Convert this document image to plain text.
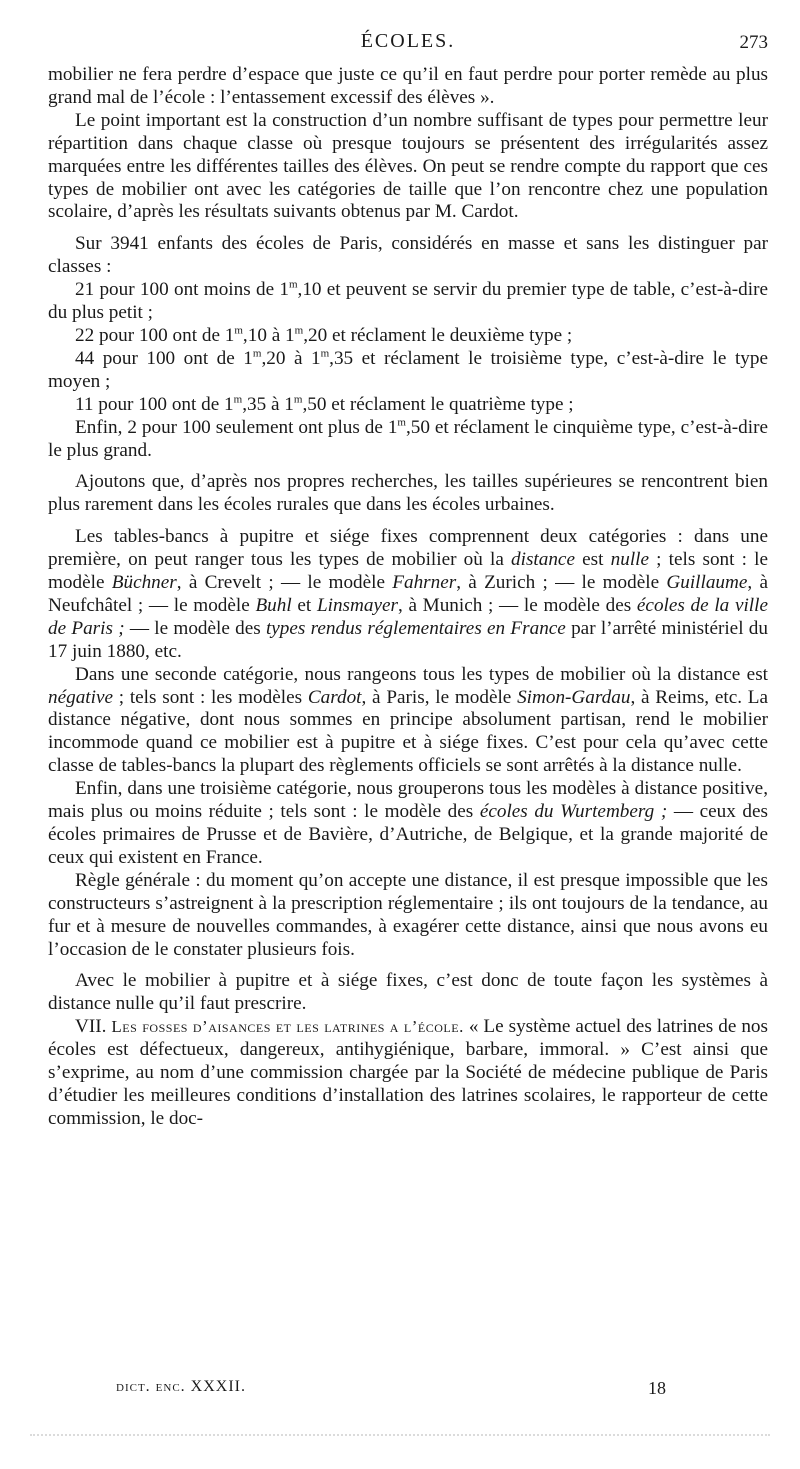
ÉCOLES.	273

mobilier ne fera perdre d’espace que juste ce qu’il en faut perdre pour porter remède au plus grand mal de l’école : l’entassement excessif des élèves ».

Le point important est la construction d’un nombre suffisant de types pour permettre leur répartition dans chaque classe où presque toujours se présentent des irrégularités assez marquées entre les différentes tailles des élèves. On peut se rendre compte du rapport que ces types de mobilier ont avec les catégories de taille que l’on rencontre chez une population scolaire, d’après les résultats suivants obtenus par M. Cardot.

Sur 3941 enfants des écoles de Paris, considérés en masse et sans les distinguer par classes :

21 pour 100 ont moins de 1$^m$,10 et peuvent se servir du premier type de table, c’est-à-dire du plus petit ;

22 pour 100 ont de 1$^m$,10 à 1$^m$,20 et réclament le deuxième type ;

44 pour 100 ont de 1$^m$,20 à 1$^m$,35 et réclament le troisième type, c’est-à-dire le type moyen ;

11 pour 100 ont de 1$^m$,35 à 1$^m$,50 et réclament le quatrième type ;

Enfin, 2 pour 100 seulement ont plus de 1$^m$,50 et réclament le cinquième type, c’est-à-dire le plus grand.

Ajoutons que, d’après nos propres recherches, les tailles supérieures se rencontrent bien plus rarement dans les écoles rurales que dans les écoles urbaines.

Les tables-bancs à pupitre et siége fixes comprennent deux catégories : dans une première, on peut ranger tous les types de mobilier où la distance est nulle ; tels sont : le modèle Büchner, à Crevelt ; — le modèle Fahrner, à Zurich ; — le modèle Guillaume, à Neufchâtel ; — le modèle Buhl et Linsmayer, à Munich ; — le modèle des écoles de la ville de Paris ; — le modèle des types rendus réglementaires en France par l’arrêté ministériel du 17 juin 1880, etc.

Dans une seconde catégorie, nous rangeons tous les types de mobilier où la distance est négative ; tels sont : les modèles Cardot, à Paris, le modèle Simon-Gardau, à Reims, etc. La distance négative, dont nous sommes en principe absolument partisan, rend le mobilier incommode quand ce mobilier est à pupitre et à siége fixes. C’est pour cela qu’avec cette classe de tables-bancs la plupart des règlements officiels se sont arrêtés à la distance nulle.

Enfin, dans une troisième catégorie, nous grouperons tous les modèles à distance positive, mais plus ou moins réduite ; tels sont : le modèle des écoles du Wurtemberg ; — ceux des écoles primaires de Prusse et de Bavière, d’Autriche, de Belgique, et la grande majorité de ceux qui existent en France.

Règle générale : du moment qu’on accepte une distance, il est presque impossible que les constructeurs s’astreignent à la prescription réglementaire ; ils ont toujours de la tendance, au fur et à mesure de nouvelles commandes, à exagérer cette distance, ainsi que nous avons eu l’occasion de le constater plusieurs fois.

Avec le mobilier à pupitre et à siége fixes, c’est donc de toute façon les systèmes à distance nulle qu’il faut prescrire.

VII. Les fosses d’aisances et les latrines a l’école. « Le système actuel des latrines de nos écoles est défectueux, dangereux, antihygiénique, barbare, immoral. » C’est ainsi que s’exprime, au nom d’une commission chargée par la Société de médecine publique de Paris d’étudier les meilleures conditions d’installation des latrines scolaires, le rapporteur de cette commission, le doc-

dict. enc. XXXII.	18
